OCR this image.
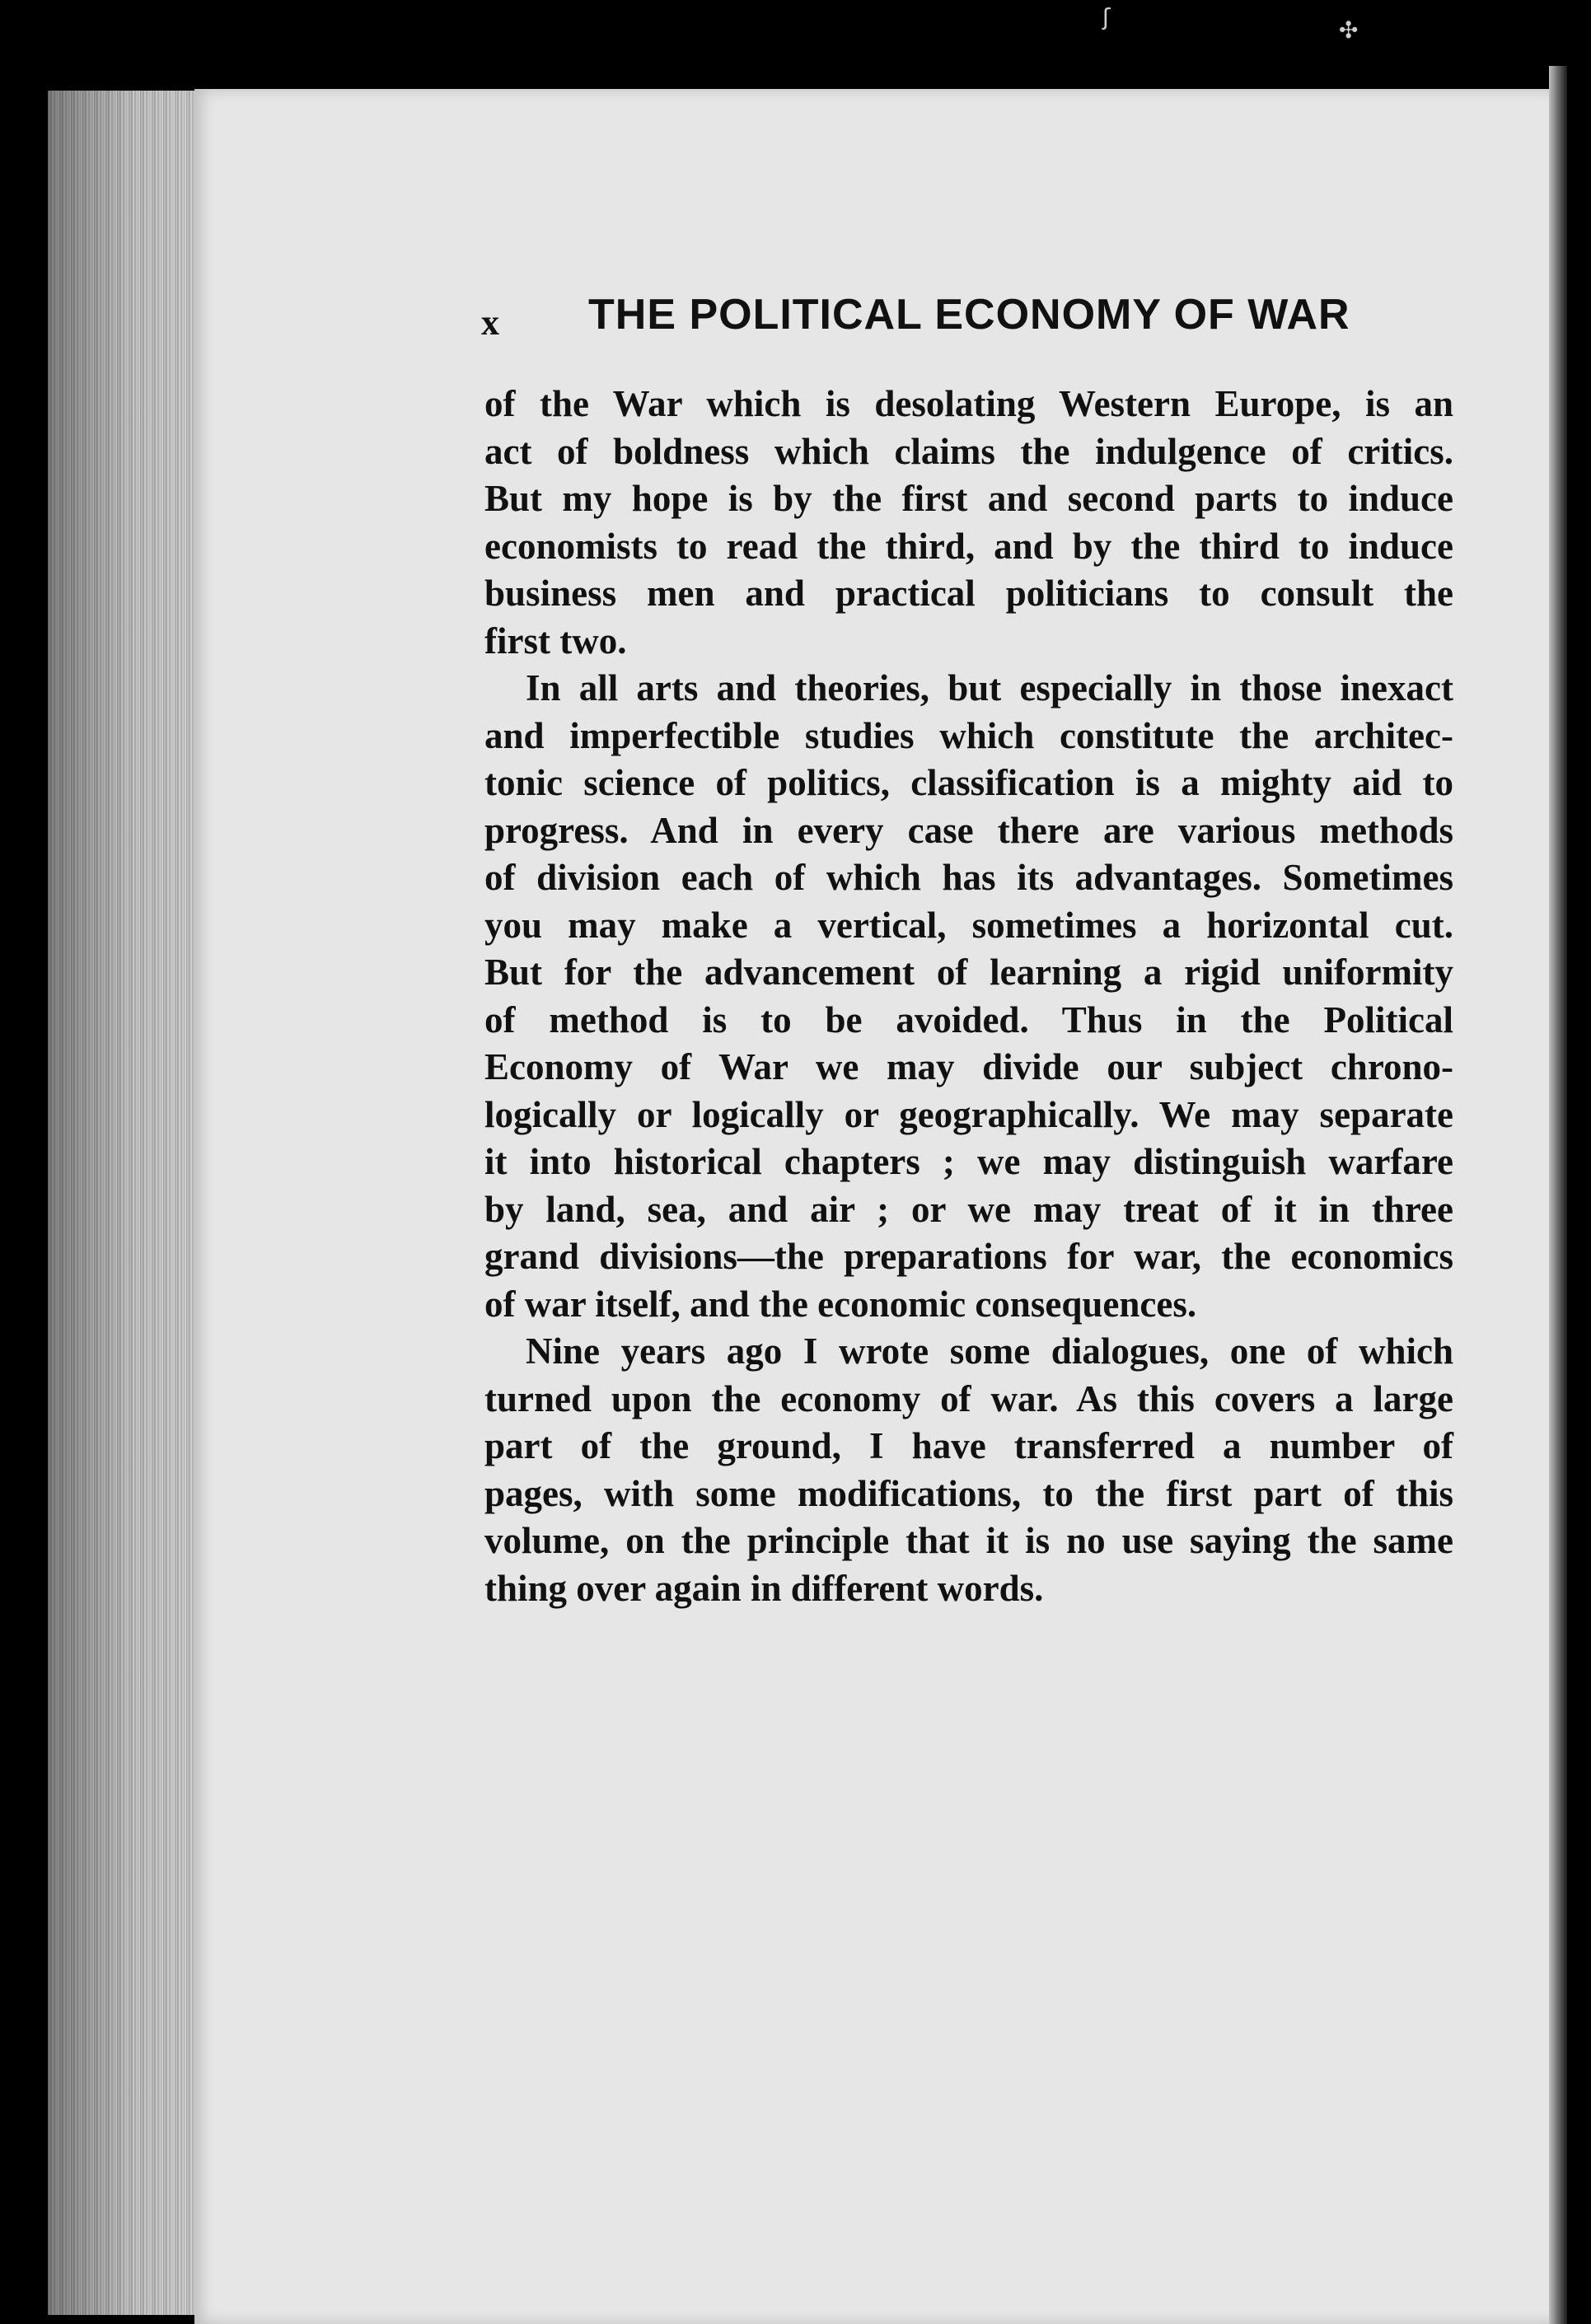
ʃ	✣
x THE POLITICAL ECONOMY OF WAR

of the War which is desolating Western Europe, is an
act of boldness which claims the indulgence of critics.
But my hope is by the first and second parts to induce
economists to read the third, and by the third to induce
business men and practical politicians to consult the
first two.

In all arts and theories, but especially in those inexact
and imperfectible studies which constitute the architec-
tonic science of politics, classification is a mighty aid to
progress. And in every case there are various methods
of division each of which has its advantages. Sometimes
you may make a vertical, sometimes a horizontal cut.
But for the advancement of learning a rigid uniformity
of method is to be avoided. Thus in the Political
Economy of War we may divide our subject chrono-
logically or logically or geographically. We may separate
it into historical chapters ; we may distinguish warfare
by land, sea, and air ; or we may treat of it in three
grand divisions—the preparations for war, the economics
of war itself, and the economic consequences.

Nine years ago I wrote some dialogues, one of which
turned upon the economy of war. As this covers a large
part of the ground, I have transferred a number of
pages, with some modifications, to the first part of this
volume, on the principle that it is no use saying the same
thing over again in different words.
